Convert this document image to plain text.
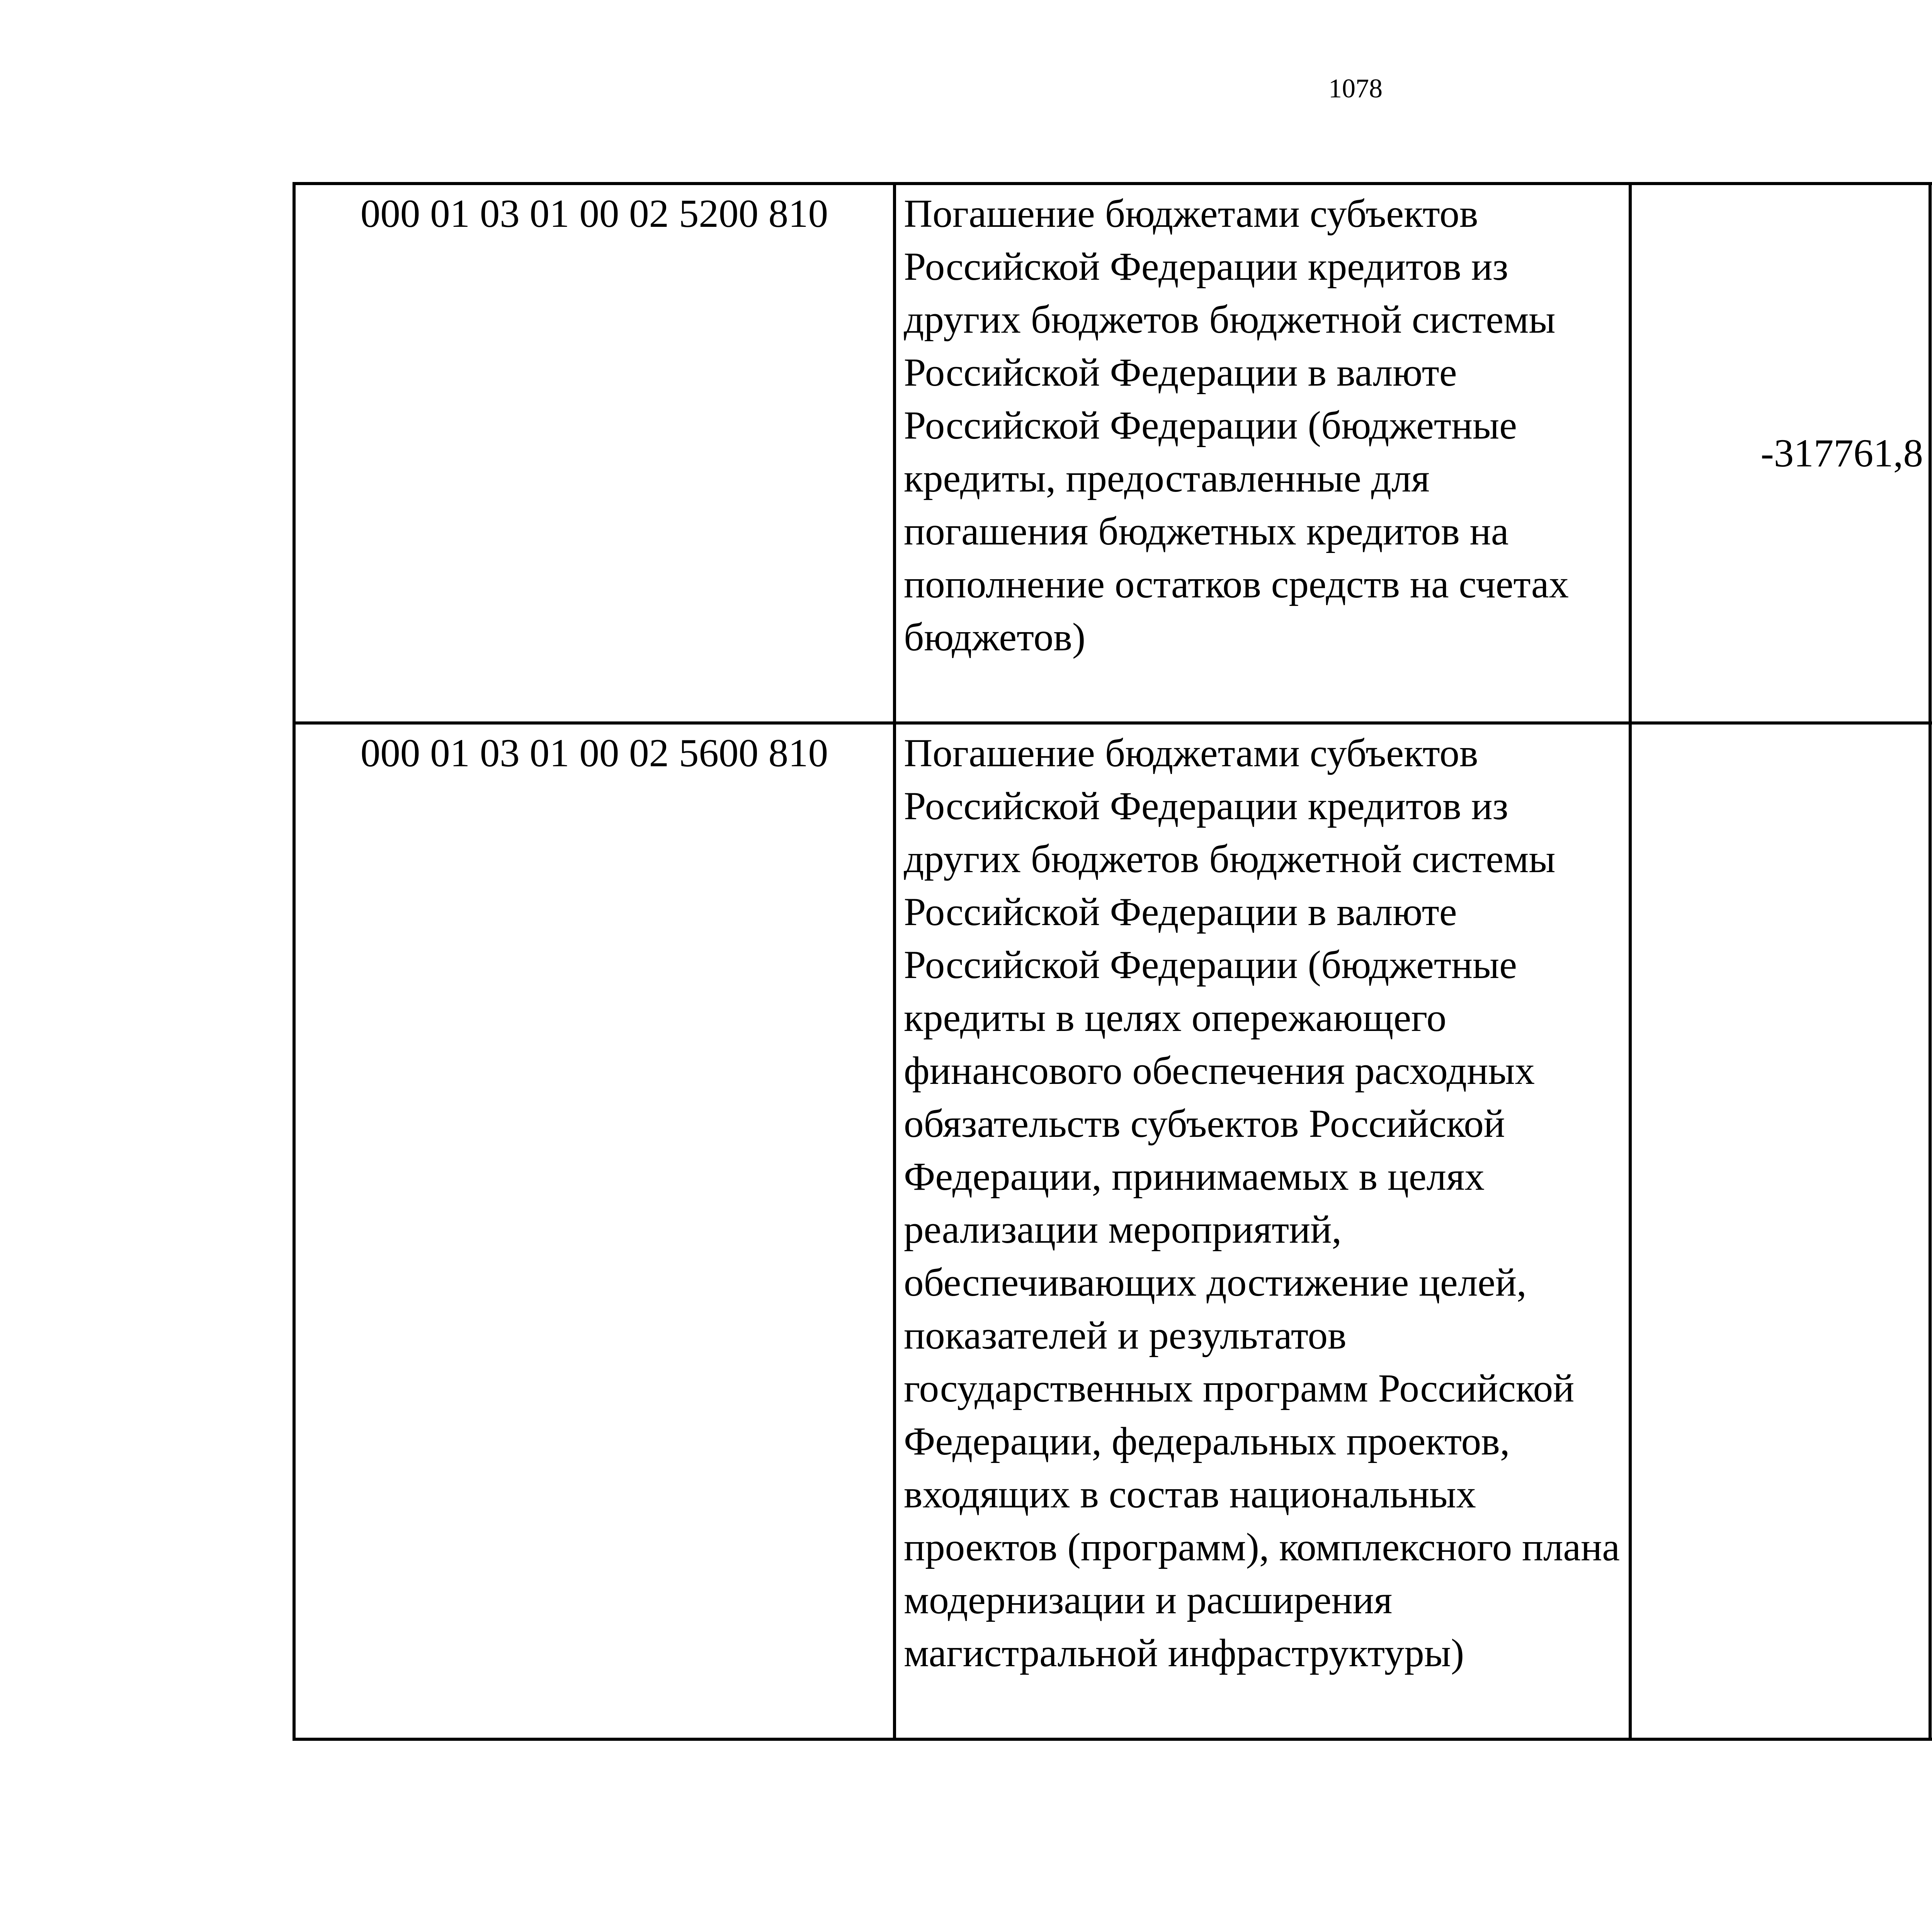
1078
000 01 03 01 00 02 5200 810	Погашение бюджетами субъектов Российской Федерации кредитов из других бюджетов бюджетной системы Российской Федерации в валюте Российской Федерации (бюджетные кредиты, предоставленные для погашения бюджетных кредитов на пополнение остатков средств на счетах бюджетов)	-317761,8		
000 01 03 01 00 02 5600 810	Погашение бюджетами субъектов Российской Федерации кредитов из других бюджетов бюджетной системы Российской Федерации в валюте Российской Федерации (бюджетные кредиты в целях опережающего финансового обеспечения расходных обязательств субъектов Российской Федерации, принимаемых в целях реализации мероприятий, обеспечивающих достижение целей, показателей и результатов государственных программ Российской Федерации, федеральных проектов, входящих в состав национальных проектов (программ), комплексного плана модернизации и расширения магистральной инфраструктуры)			
